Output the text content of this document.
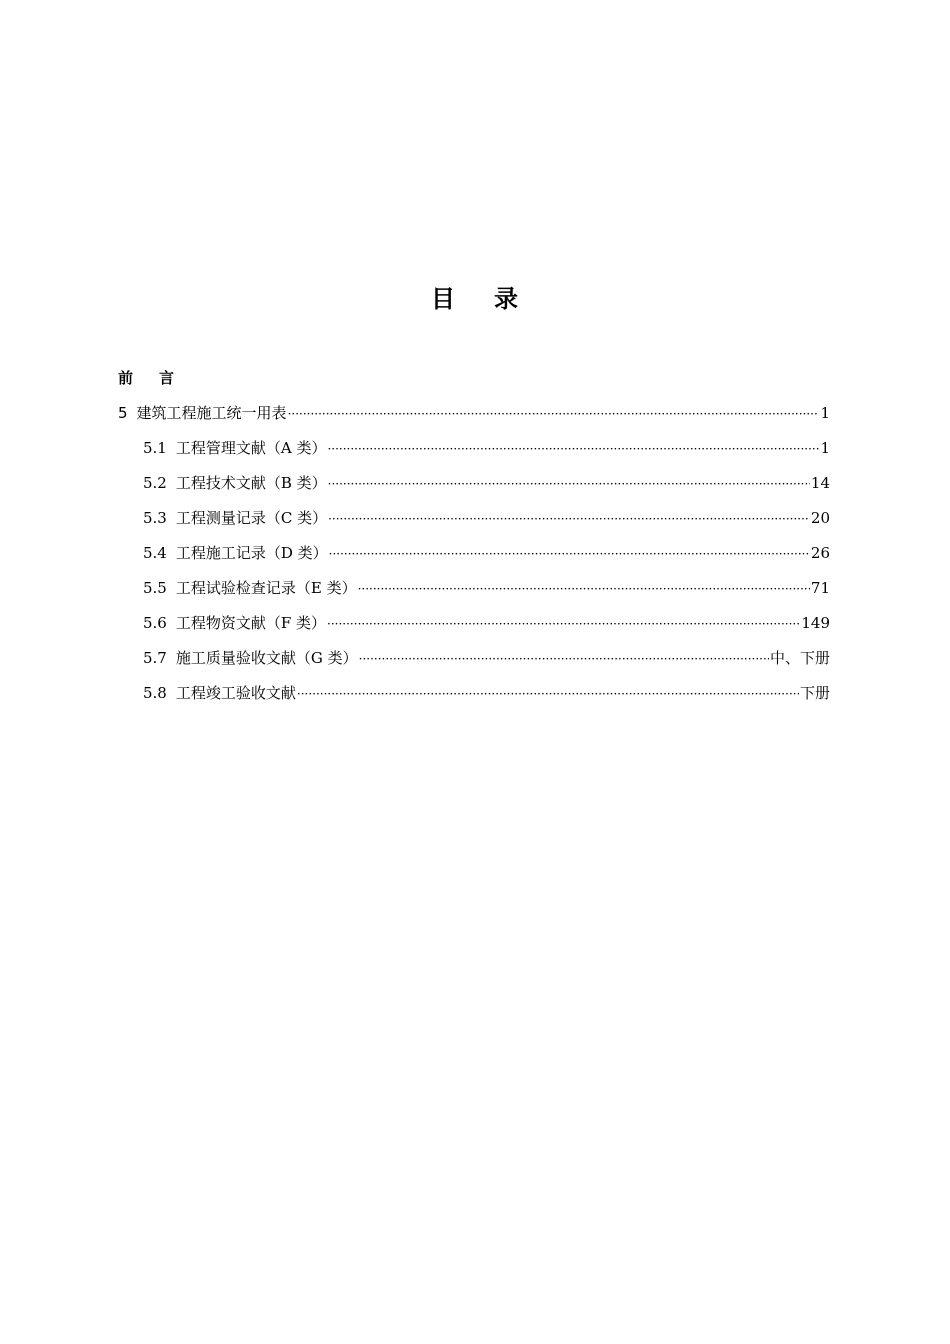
目 录
前 言
5 建筑工程施工统一用表 ·····	1
5.1 工程管理文献（A 类） ·····	1
5.2 工程技术文献（B 类） ·····	14
5.3 工程测量记录（C 类） ·····	20
5.4 工程施工记录（D 类） ·····	26
5.5 工程试验检查记录（E 类） ·····	71
5.6 工程物资文献（F 类） ·····	149
5.7 施工质量验收文献（G 类） ·····	中、下册
5.8 工程竣工验收文献 ·····	下册
